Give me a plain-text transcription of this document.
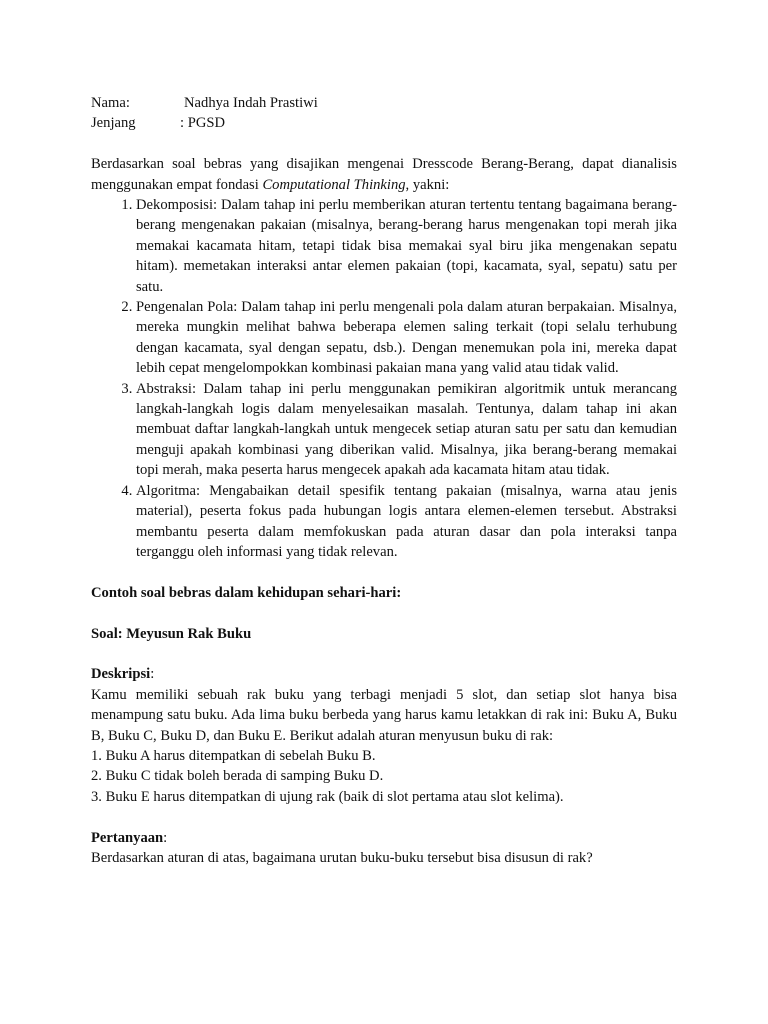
Nama:	Nadhya Indah Prastiwi
Jenjang	: PGSD

Berdasarkan soal bebras yang disajikan mengenai Dresscode Berang-Berang, dapat dianalisis menggunakan empat fondasi Computational Thinking, yakni:

1. Dekomposisi: Dalam tahap ini perlu memberikan aturan tertentu tentang bagaimana berang-berang mengenakan pakaian (misalnya, berang-berang harus mengenakan topi merah jika memakai kacamata hitam, tetapi tidak bisa memakai syal biru jika mengenakan sepatu hitam). memetakan interaksi antar elemen pakaian (topi, kacamata, syal, sepatu) satu per satu.
2. Pengenalan Pola: Dalam tahap ini perlu mengenali pola dalam aturan berpakaian. Misalnya, mereka mungkin melihat bahwa beberapa elemen saling terkait (topi selalu terhubung dengan kacamata, syal dengan sepatu, dsb.). Dengan menemukan pola ini, mereka dapat lebih cepat mengelompokkan kombinasi pakaian mana yang valid atau tidak valid.
3. Abstraksi: Dalam tahap ini perlu menggunakan pemikiran algoritmik untuk merancang langkah-langkah logis dalam menyelesaikan masalah. Tentunya, dalam tahap ini akan membuat daftar langkah-langkah untuk mengecek setiap aturan satu per satu dan kemudian menguji apakah kombinasi yang diberikan valid. Misalnya, jika berang-berang memakai topi merah, maka peserta harus mengecek apakah ada kacamata hitam atau tidak.
4. Algoritma: Mengabaikan detail spesifik tentang pakaian (misalnya, warna atau jenis material), peserta fokus pada hubungan logis antara elemen-elemen tersebut. Abstraksi membantu peserta dalam memfokuskan pada aturan dasar dan pola interaksi tanpa terganggu oleh informasi yang tidak relevan.

Contoh soal bebras dalam kehidupan sehari-hari:

Soal: Meyusun Rak Buku

Deskripsi:

Kamu memiliki sebuah rak buku yang terbagi menjadi 5 slot, dan setiap slot hanya bisa menampung satu buku. Ada lima buku berbeda yang harus kamu letakkan di rak ini: Buku A, Buku B, Buku C, Buku D, dan Buku E. Berikut adalah aturan menyusun buku di rak:

1. Buku A harus ditempatkan di sebelah Buku B.

2. Buku C tidak boleh berada di samping Buku D.

3. Buku E harus ditempatkan di ujung rak (baik di slot pertama atau slot kelima).

Pertanyaan:

Berdasarkan aturan di atas, bagaimana urutan buku-buku tersebut bisa disusun di rak?
